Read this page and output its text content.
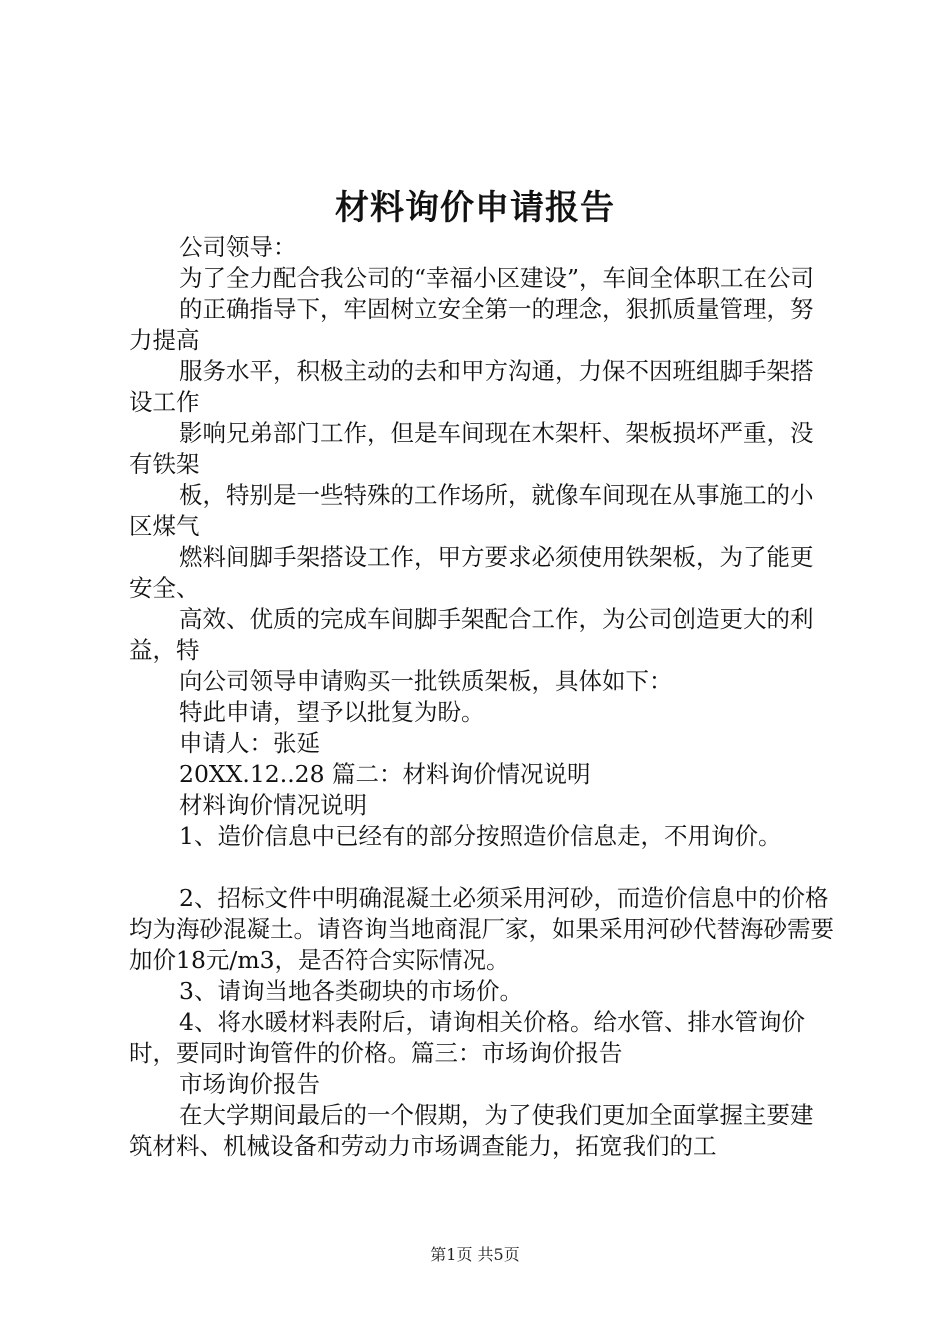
材料询价申请报告

公司领导：

为了全力配合我公司的“幸福小区建设”，车间全体职工在公司

的正确指导下，牢固树立安全第一的理念，狠抓质量管理，努力提高

服务水平，积极主动的去和甲方沟通，力保不因班组脚手架搭设工作

影响兄弟部门工作，但是车间现在木架杆、架板损坏严重，没有铁架

板，特别是一些特殊的工作场所，就像车间现在从事施工的小区煤气

燃料间脚手架搭设工作，甲方要求必须使用铁架板，为了能更安全、

高效、优质的完成车间脚手架配合工作，为公司创造更大的利益，特

向公司领导申请购买一批铁质架板，具体如下：

特此申请，望予以批复为盼。

申请人：张延

20XX.12..28 篇二：材料询价情况说明

材料询价情况说明

1、造价信息中已经有的部分按照造价信息走，不用询价。

2、招标文件中明确混凝土必须采用河砂，而造价信息中的价格均为海砂混凝土。请咨询当地商混厂家，如果采用河砂代替海砂需要加价18元/m3，是否符合实际情况。

3、请询当地各类砌块的市场价。

4、将水暖材料表附后，请询相关价格。给水管、排水管询价时，要同时询管件的价格。篇三：市场询价报告

市场询价报告

在大学期间最后的一个假期，为了使我们更加全面掌握主要建筑材料、机械设备和劳动力市场调查能力，拓宽我们的工

第1页 共5页
